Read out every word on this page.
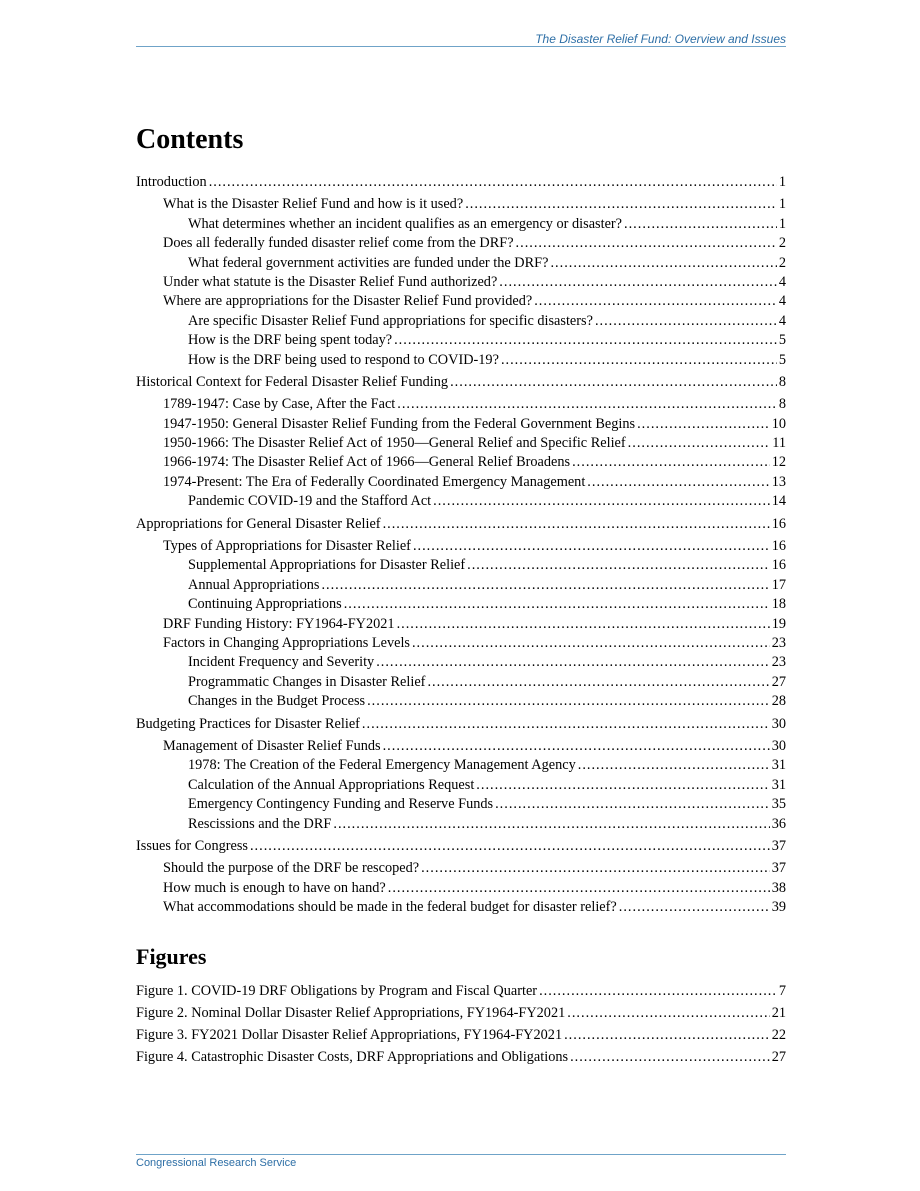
The Disaster Relief Fund: Overview and Issues
Contents
Introduction .....	1
What is the Disaster Relief Fund and how is it used? .....	1
What determines whether an incident qualifies as an emergency or disaster? .....	1
Does all federally funded disaster relief come from the DRF? .....	2
What federal government activities are funded under the DRF? .....	2
Under what statute is the Disaster Relief Fund authorized? .....	4
Where are appropriations for the Disaster Relief Fund provided? .....	4
Are specific Disaster Relief Fund appropriations for specific disasters? .....	4
How is the DRF being spent today? .....	5
How is the DRF being used to respond to COVID-19? .....	5
Historical Context for Federal Disaster Relief Funding .....	8
1789-1947: Case by Case, After the Fact .....	8
1947-1950: General Disaster Relief Funding from the Federal Government Begins .....	10
1950-1966: The Disaster Relief Act of 1950—General Relief and Specific Relief .....	11
1966-1974: The Disaster Relief Act of 1966—General Relief Broadens .....	12
1974-Present: The Era of Federally Coordinated Emergency Management .....	13
Pandemic COVID-19 and the Stafford Act .....	14
Appropriations for General Disaster Relief .....	16
Types of Appropriations for Disaster Relief .....	16
Supplemental Appropriations for Disaster Relief .....	16
Annual Appropriations .....	17
Continuing Appropriations .....	18
DRF Funding History: FY1964-FY2021 .....	19
Factors in Changing Appropriations Levels .....	23
Incident Frequency and Severity .....	23
Programmatic Changes in Disaster Relief .....	27
Changes in the Budget Process .....	28
Budgeting Practices for Disaster Relief .....	30
Management of Disaster Relief Funds .....	30
1978: The Creation of the Federal Emergency Management Agency .....	31
Calculation of the Annual Appropriations Request .....	31
Emergency Contingency Funding and Reserve Funds .....	35
Rescissions and the DRF .....	36
Issues for Congress .....	37
Should the purpose of the DRF be rescoped? .....	37
How much is enough to have on hand? .....	38
What accommodations should be made in the federal budget for disaster relief? .....	39
Figures
Figure 1. COVID-19 DRF Obligations by Program and Fiscal Quarter .....	7
Figure 2. Nominal Dollar Disaster Relief Appropriations, FY1964-FY2021 .....	21
Figure 3. FY2021 Dollar Disaster Relief Appropriations, FY1964-FY2021 .....	22
Figure 4. Catastrophic Disaster Costs, DRF Appropriations and Obligations .....	27
Congressional Research Service
